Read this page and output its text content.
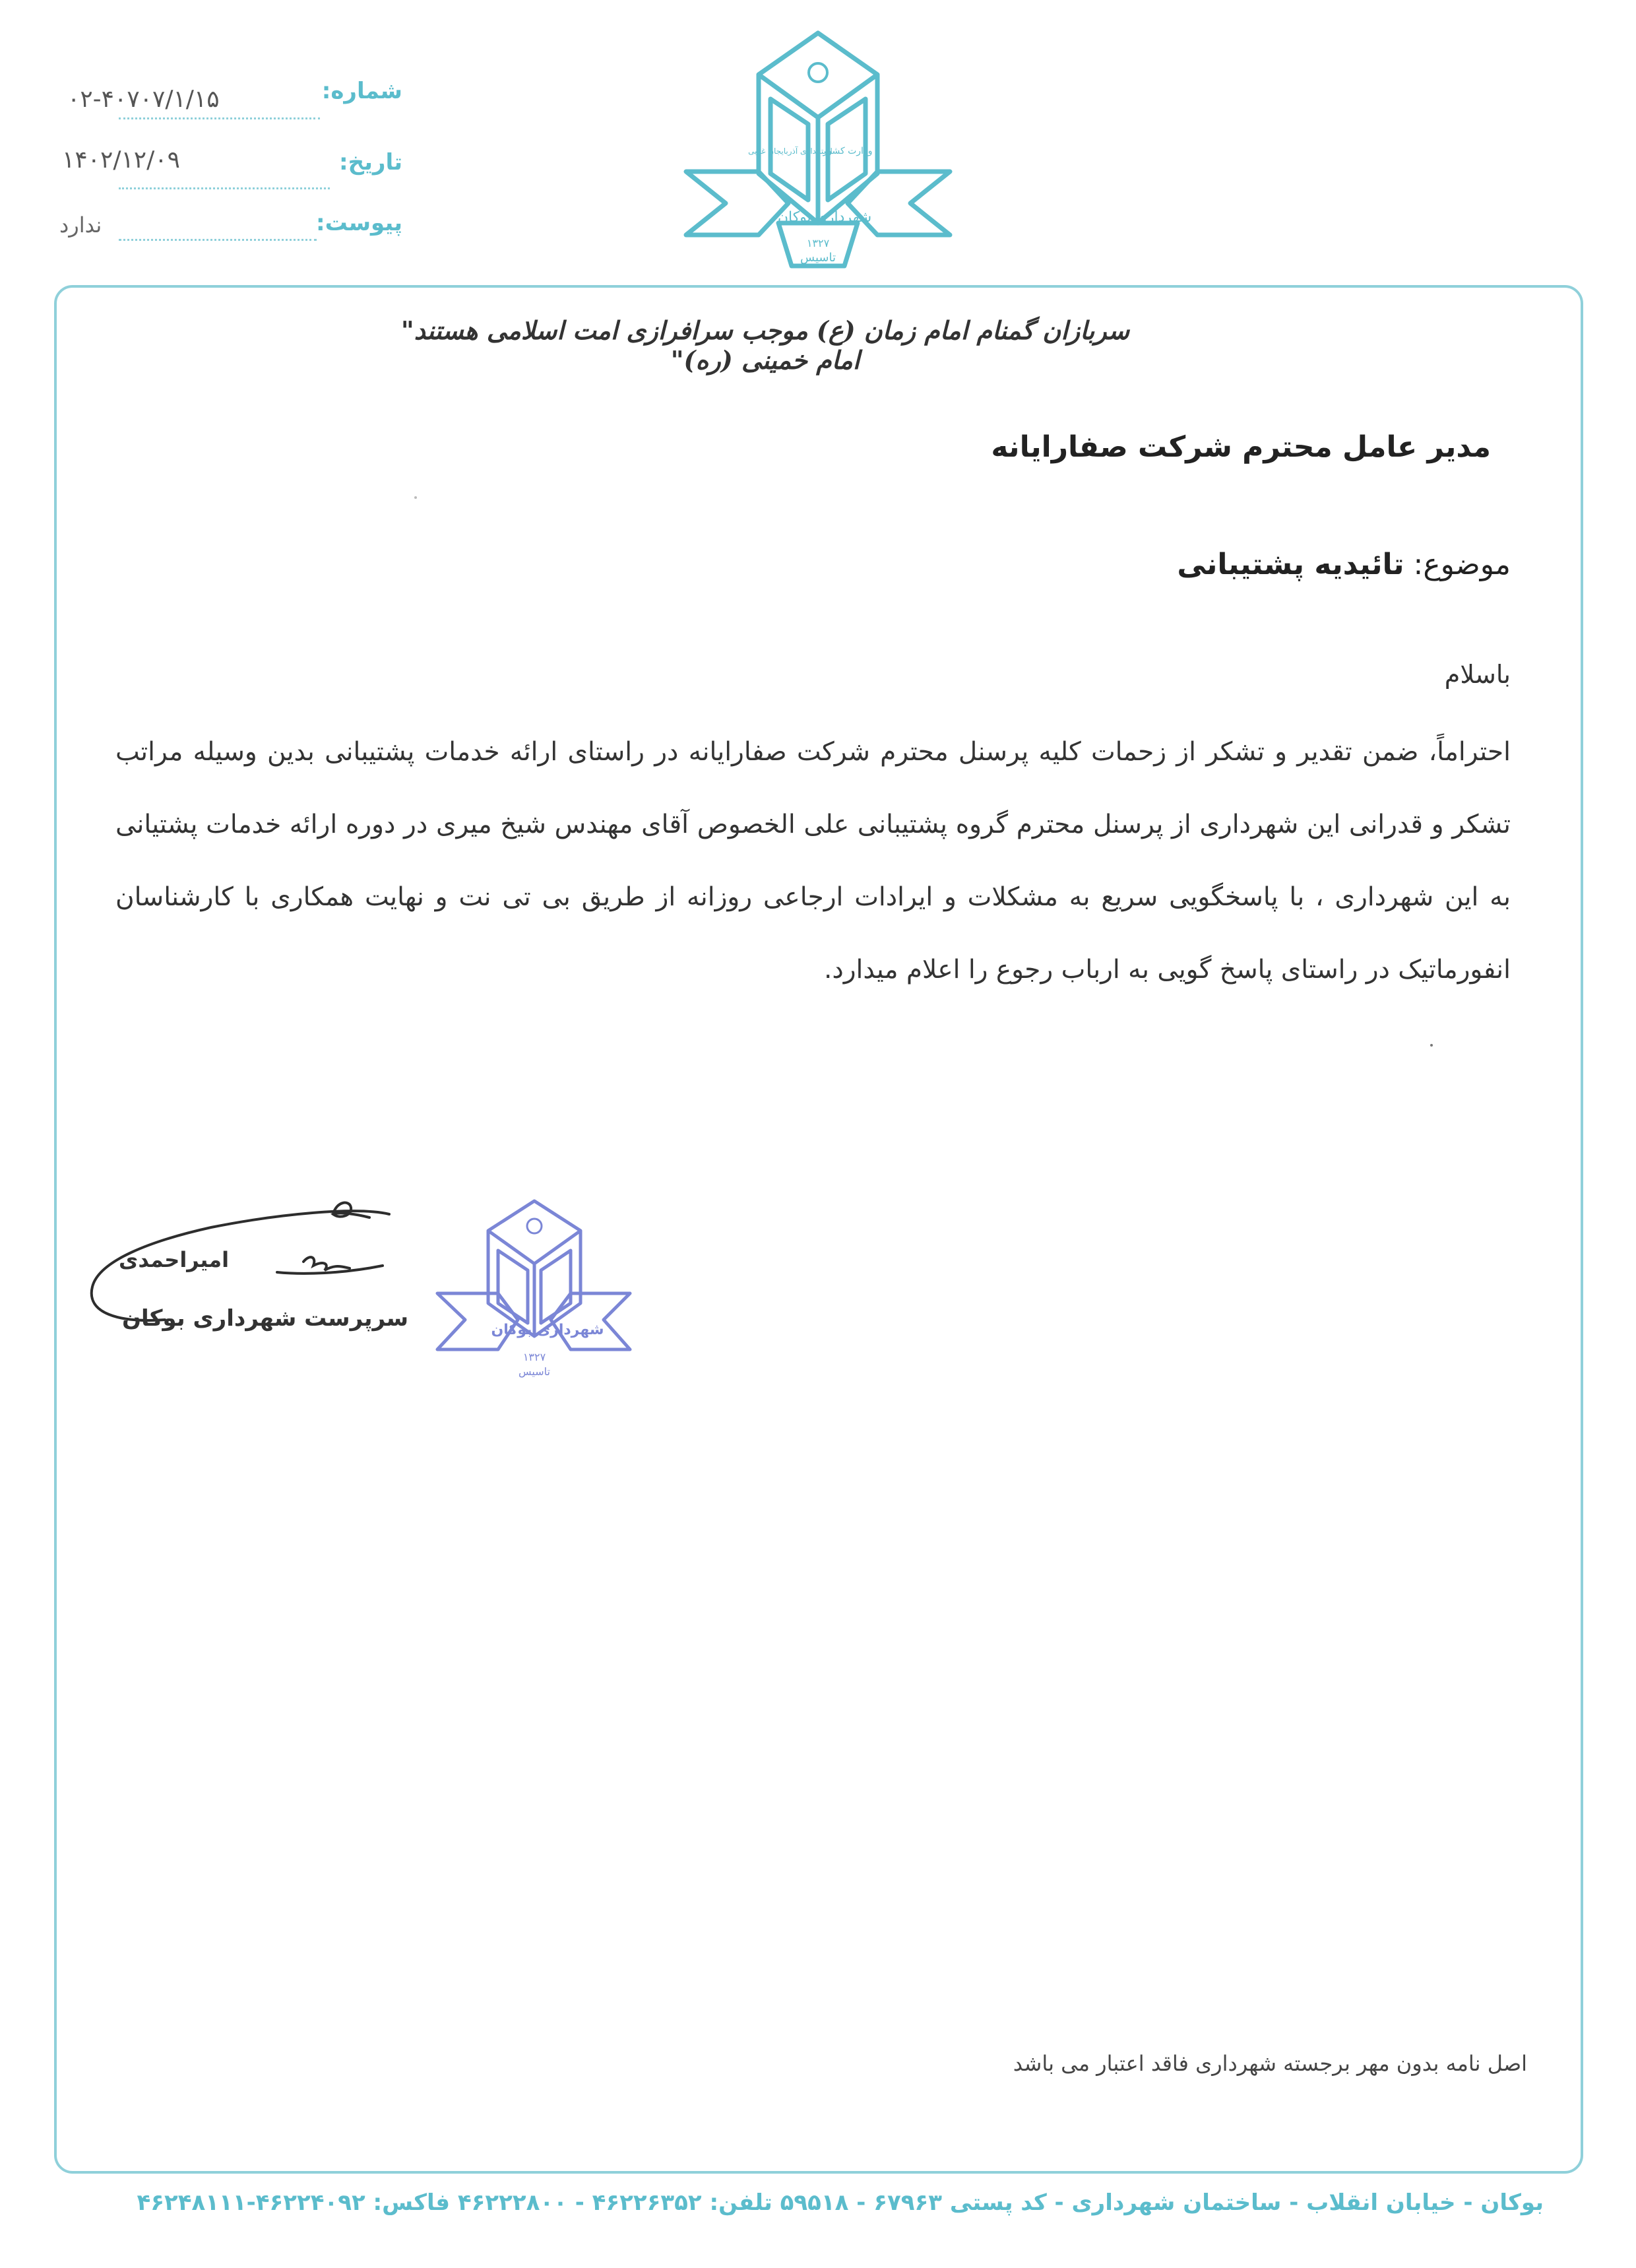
شماره:
۰۲-۴۰۷۰۷/۱/۱۵
تاریخ:
۱۴۰۲/۱۲/۰۹
پیوست:
ندارد
وزارت کشور
استانداری آذربایجان غربی
شهرداری بوکان
۱۳۲۷
تاسیس
سربازان گمنام امام زمان (ع) موجب سرافرازی امت اسلامی هستند" امام خمینی (ره)"
مدیر عامل محترم شرکت صفارایانه
موضوع: تائیدیه پشتیبانی
باسلام
احتراماً، ضمن تقدیر و تشکر از زحمات کلیه پرسنل محترم شرکت صفارایانه در راستای ارائه خدمات پشتیبانی بدین وسیله مراتب تشکر و قدرانی این شهرداری از پرسنل محترم گروه پشتیبانی علی الخصوص آقای مهندس شیخ میری در دوره ارائه خدمات پشتیانی به این شهرداری ، با پاسخگویی سریع به مشکلات و ایرادات ارجاعی روزانه از طریق بی تی نت و نهایت همکاری با کارشناسان انفورماتیک در راستای پاسخ گویی به ارباب رجوع را اعلام میدارد.
امیراحمدی
سرپرست شهرداری بوکان	شهرداری بوکان
۱۳۲۷
تاسیس
اصل نامه بدون مهر برجسته شهرداری فاقد اعتبار می باشد
بوکان - خیابان انقلاب - ساختمان شهرداری - کد پستی ۶۷۹۶۳ - ۵۹۵۱۸ تلفن: ۴۶۲۲۶۳۵۲ - ۴۶۲۲۲۸۰۰ فاکس: ۴۶۲۲۴۰۹۲-۴۶۲۴۸۱۱۱
